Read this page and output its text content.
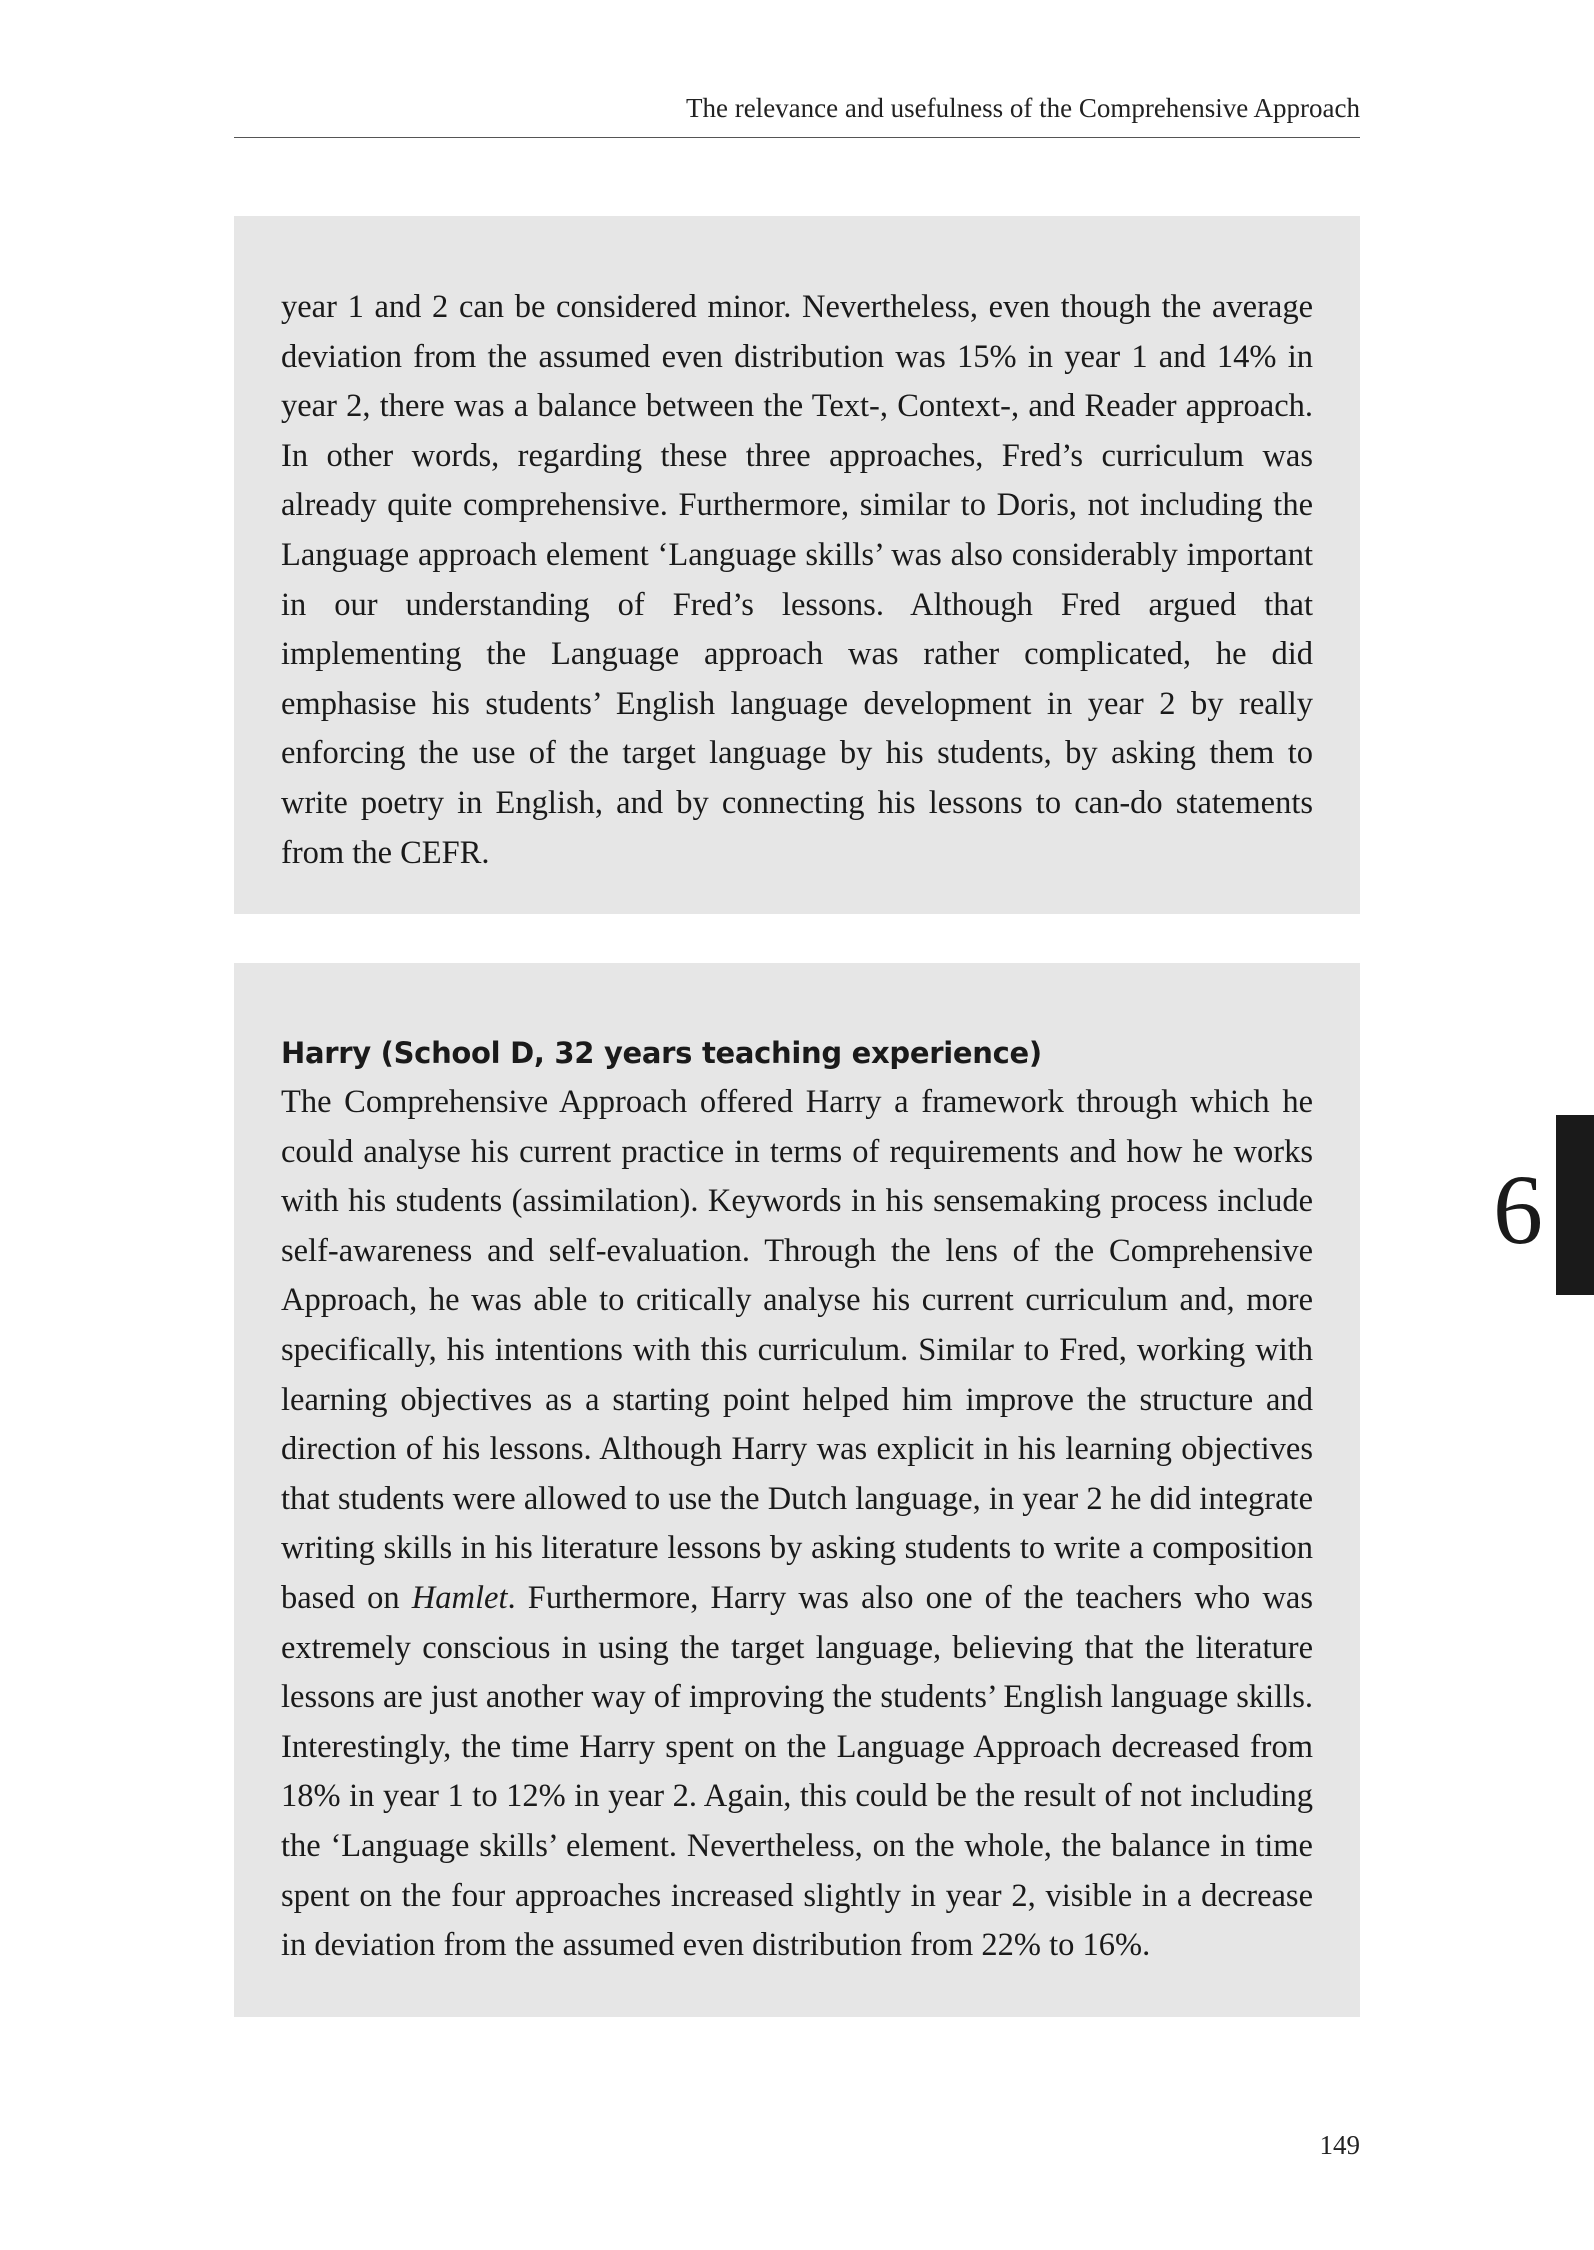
The relevance and usefulness of the Comprehensive Approach

year 1 and 2 can be considered minor. Nevertheless, even though the average deviation from the assumed even distribution was 15% in year 1 and 14% in year 2, there was a balance between the Text-, Context-, and Reader approach. In other words, regarding these three approaches, Fred’s curriculum was already quite comprehensive. Furthermore, similar to Doris, not including the Language approach element ‘Language skills’ was also considerably important in our understanding of Fred’s lessons. Although Fred argued that implementing the Language approach was rather complicated, he did emphasise his students’ English language development in year 2 by really enforcing the use of the target language by his students, by asking them to write poetry in English, and by connecting his lessons to can-do statements from the CEFR.

Harry (School D, 32 years teaching experience)

The Comprehensive Approach offered Harry a framework through which he could analyse his current practice in terms of requirements and how he works with his students (assimilation). Keywords in his sensemaking process include self-awareness and self-evaluation. Through the lens of the Comprehensive Approach, he was able to critically analyse his current curriculum and, more specifically, his intentions with this curriculum. Similar to Fred, working with learning objectives as a starting point helped him improve the structure and direction of his lessons. Although Harry was explicit in his learning objectives that students were allowed to use the Dutch language, in year 2 he did integrate writing skills in his literature lessons by asking students to write a composition based on Hamlet. Furthermore, Harry was also one of the teachers who was extremely conscious in using the target language, believing that the literature lessons are just another way of improving the students’ English language skills. Interestingly, the time Harry spent on the Language Approach decreased from 18% in year 1 to 12% in year 2. Again, this could be the result of not including the ‘Language skills’ element. Nevertheless, on the whole, the balance in time spent on the four approaches increased slightly in year 2, visible in a decrease in deviation from the assumed even distribution from 22% to 16%.

6
149
